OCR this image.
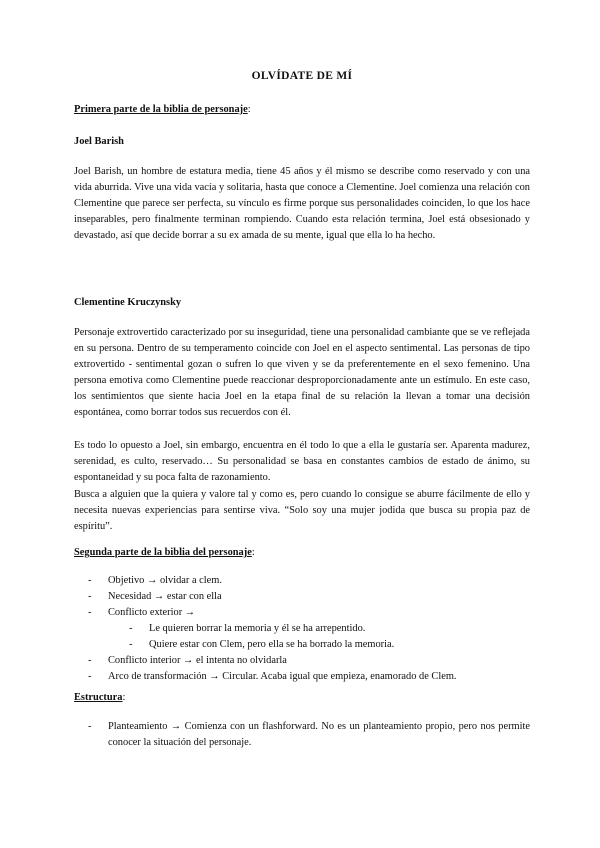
OLVÍDATE DE MÍ
Primera parte de la biblia de personaje:
Joel Barish

Joel Barish, un hombre de estatura media, tiene 45 años y él mismo se describe como reservado y con una vida aburrida. Vive una vida vacía y solitaria, hasta que conoce a Clementine. Joel comienza una relación con Clementine que parece ser perfecta, su vínculo es firme porque sus personalidades coinciden, lo que los hace inseparables, pero finalmente terminan rompiendo. Cuando esta relación termina, Joel está obsesionado y devastado, así que decide borrar a su ex amada de su mente, igual que ella lo ha hecho.

Clementine Kruczynsky

Personaje extrovertido caracterizado por su inseguridad, tiene una personalidad cambiante que se ve reflejada en su persona. Dentro de su temperamento coincide con Joel en el aspecto sentimental. Las personas de tipo extrovertido - sentimental gozan o sufren lo que viven y se da preferentemente en el sexo femenino. Una persona emotiva como Clementine puede reaccionar desproporcionadamente ante un estímulo. En este caso, los sentimientos que siente hacia Joel en la etapa final de su relación la llevan a tomar una decisión espontánea, como borrar todos sus recuerdos con él.

Es todo lo opuesto a Joel, sin embargo, encuentra en él todo lo que a ella le gustaría ser. Aparenta madurez, serenidad, es culto, reservado… Su personalidad se basa en constantes cambios de estado de ánimo, su espontaneidad y su poca falta de razonamiento.

Busca a alguien que la quiera y valore tal y como es, pero cuando lo consigue se aburre fácilmente de ello y necesita nuevas experiencias para sentirse viva. “Solo soy una mujer jodida que busca su propia paz de espíritu”.

Segunda parte de la biblia del personaje:
- Objetivo → olvidar a clem.
- Necesidad → estar con ella
- Conflicto exterior →
- Le quieren borrar la memoria y él se ha arrepentido.
- Quiere estar con Clem, pero ella se ha borrado la memoria.
- Conflicto interior → el intenta no olvidarla
- Arco de transformación → Circular. Acaba igual que empieza, enamorado de Clem.
Estructura:
- Planteamiento → Comienza con un flashforward. No es un planteamiento propio, pero nos permite conocer la situación del personaje.
